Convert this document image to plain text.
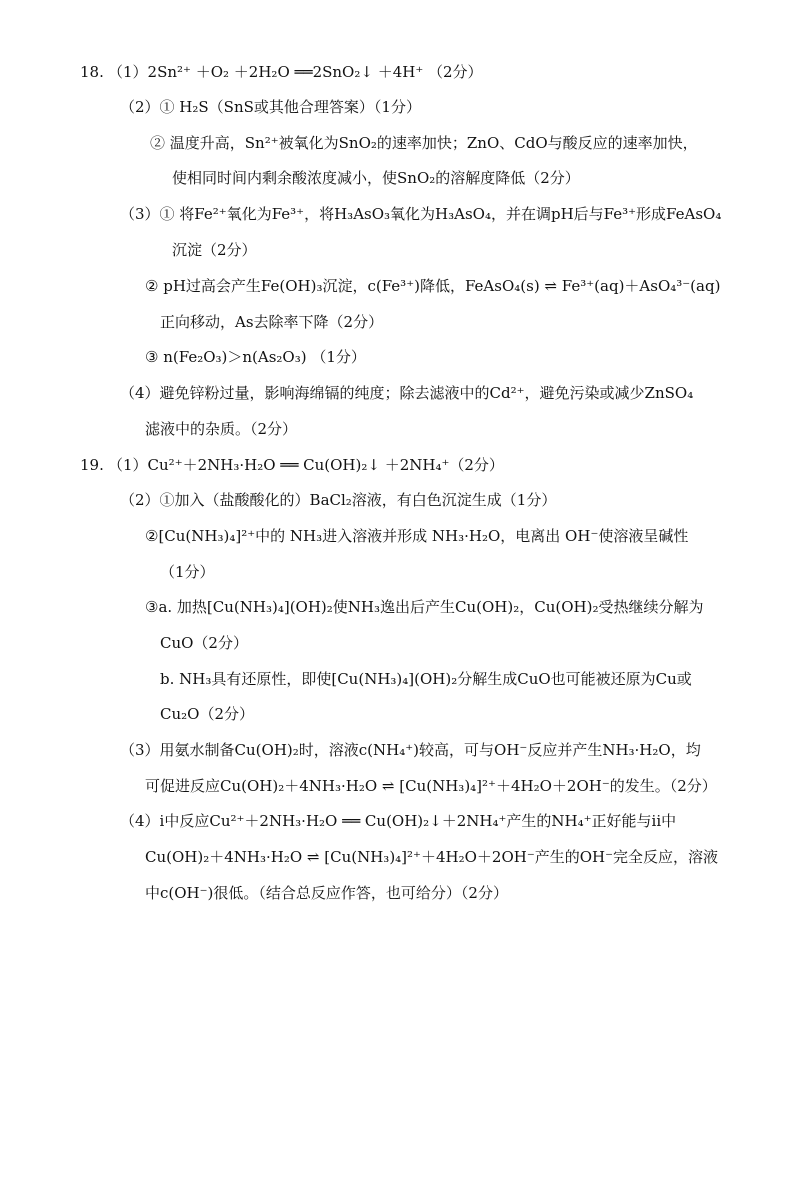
18. （1）2Sn²⁺ ＋O₂ ＋2H₂O ══2SnO₂↓ ＋4H⁺ （2分）
（2）① H₂S（SnS或其他合理答案）（1分）
② 温度升高，Sn²⁺被氧化为SnO₂的速率加快；ZnO、CdO与酸反应的速率加快，
使相同时间内剩余酸浓度减小，使SnO₂的溶解度降低（2分）
（3）① 将Fe²⁺氧化为Fe³⁺，将H₃AsO₃氧化为H₃AsO₄，并在调pH后与Fe³⁺形成FeAsO₄
沉淀（2分）
② pH过高会产生Fe(OH)₃沉淀，c(Fe³⁺)降低，FeAsO₄(s) ⇌ Fe³⁺(aq)＋AsO₄³⁻(aq)
正向移动，As去除率下降（2分）
③ n(Fe₂O₃)＞n(As₂O₃) （1分）
（4）避免锌粉过量，影响海绵镉的纯度；除去滤液中的Cd²⁺，避免污染或减少ZnSO₄
滤液中的杂质。（2分）
19. （1）Cu²⁺＋2NH₃·H₂O ══ Cu(OH)₂↓ ＋2NH₄⁺（2分）
（2）①加入（盐酸酸化的）BaCl₂溶液，有白色沉淀生成（1分）
②[Cu(NH₃)₄]²⁺中的 NH₃进入溶液并形成 NH₃·H₂O，电离出 OH⁻使溶液呈碱性
（1分）
③a. 加热[Cu(NH₃)₄](OH)₂使NH₃逸出后产生Cu(OH)₂，Cu(OH)₂受热继续分解为
CuO（2分）
b. NH₃具有还原性，即使[Cu(NH₃)₄](OH)₂分解生成CuO也可能被还原为Cu或
Cu₂O（2分）
（3）用氨水制备Cu(OH)₂时，溶液c(NH₄⁺)较高，可与OH⁻反应并产生NH₃·H₂O，均
可促进反应Cu(OH)₂＋4NH₃·H₂O ⇌ [Cu(NH₃)₄]²⁺＋4H₂O＋2OH⁻的发生。（2分）
（4）i中反应Cu²⁺＋2NH₃·H₂O ══ Cu(OH)₂↓＋2NH₄⁺产生的NH₄⁺正好能与ii中
Cu(OH)₂＋4NH₃·H₂O ⇌ [Cu(NH₃)₄]²⁺＋4H₂O＋2OH⁻产生的OH⁻完全反应，溶液
中c(OH⁻)很低。（结合总反应作答，也可给分）（2分）
